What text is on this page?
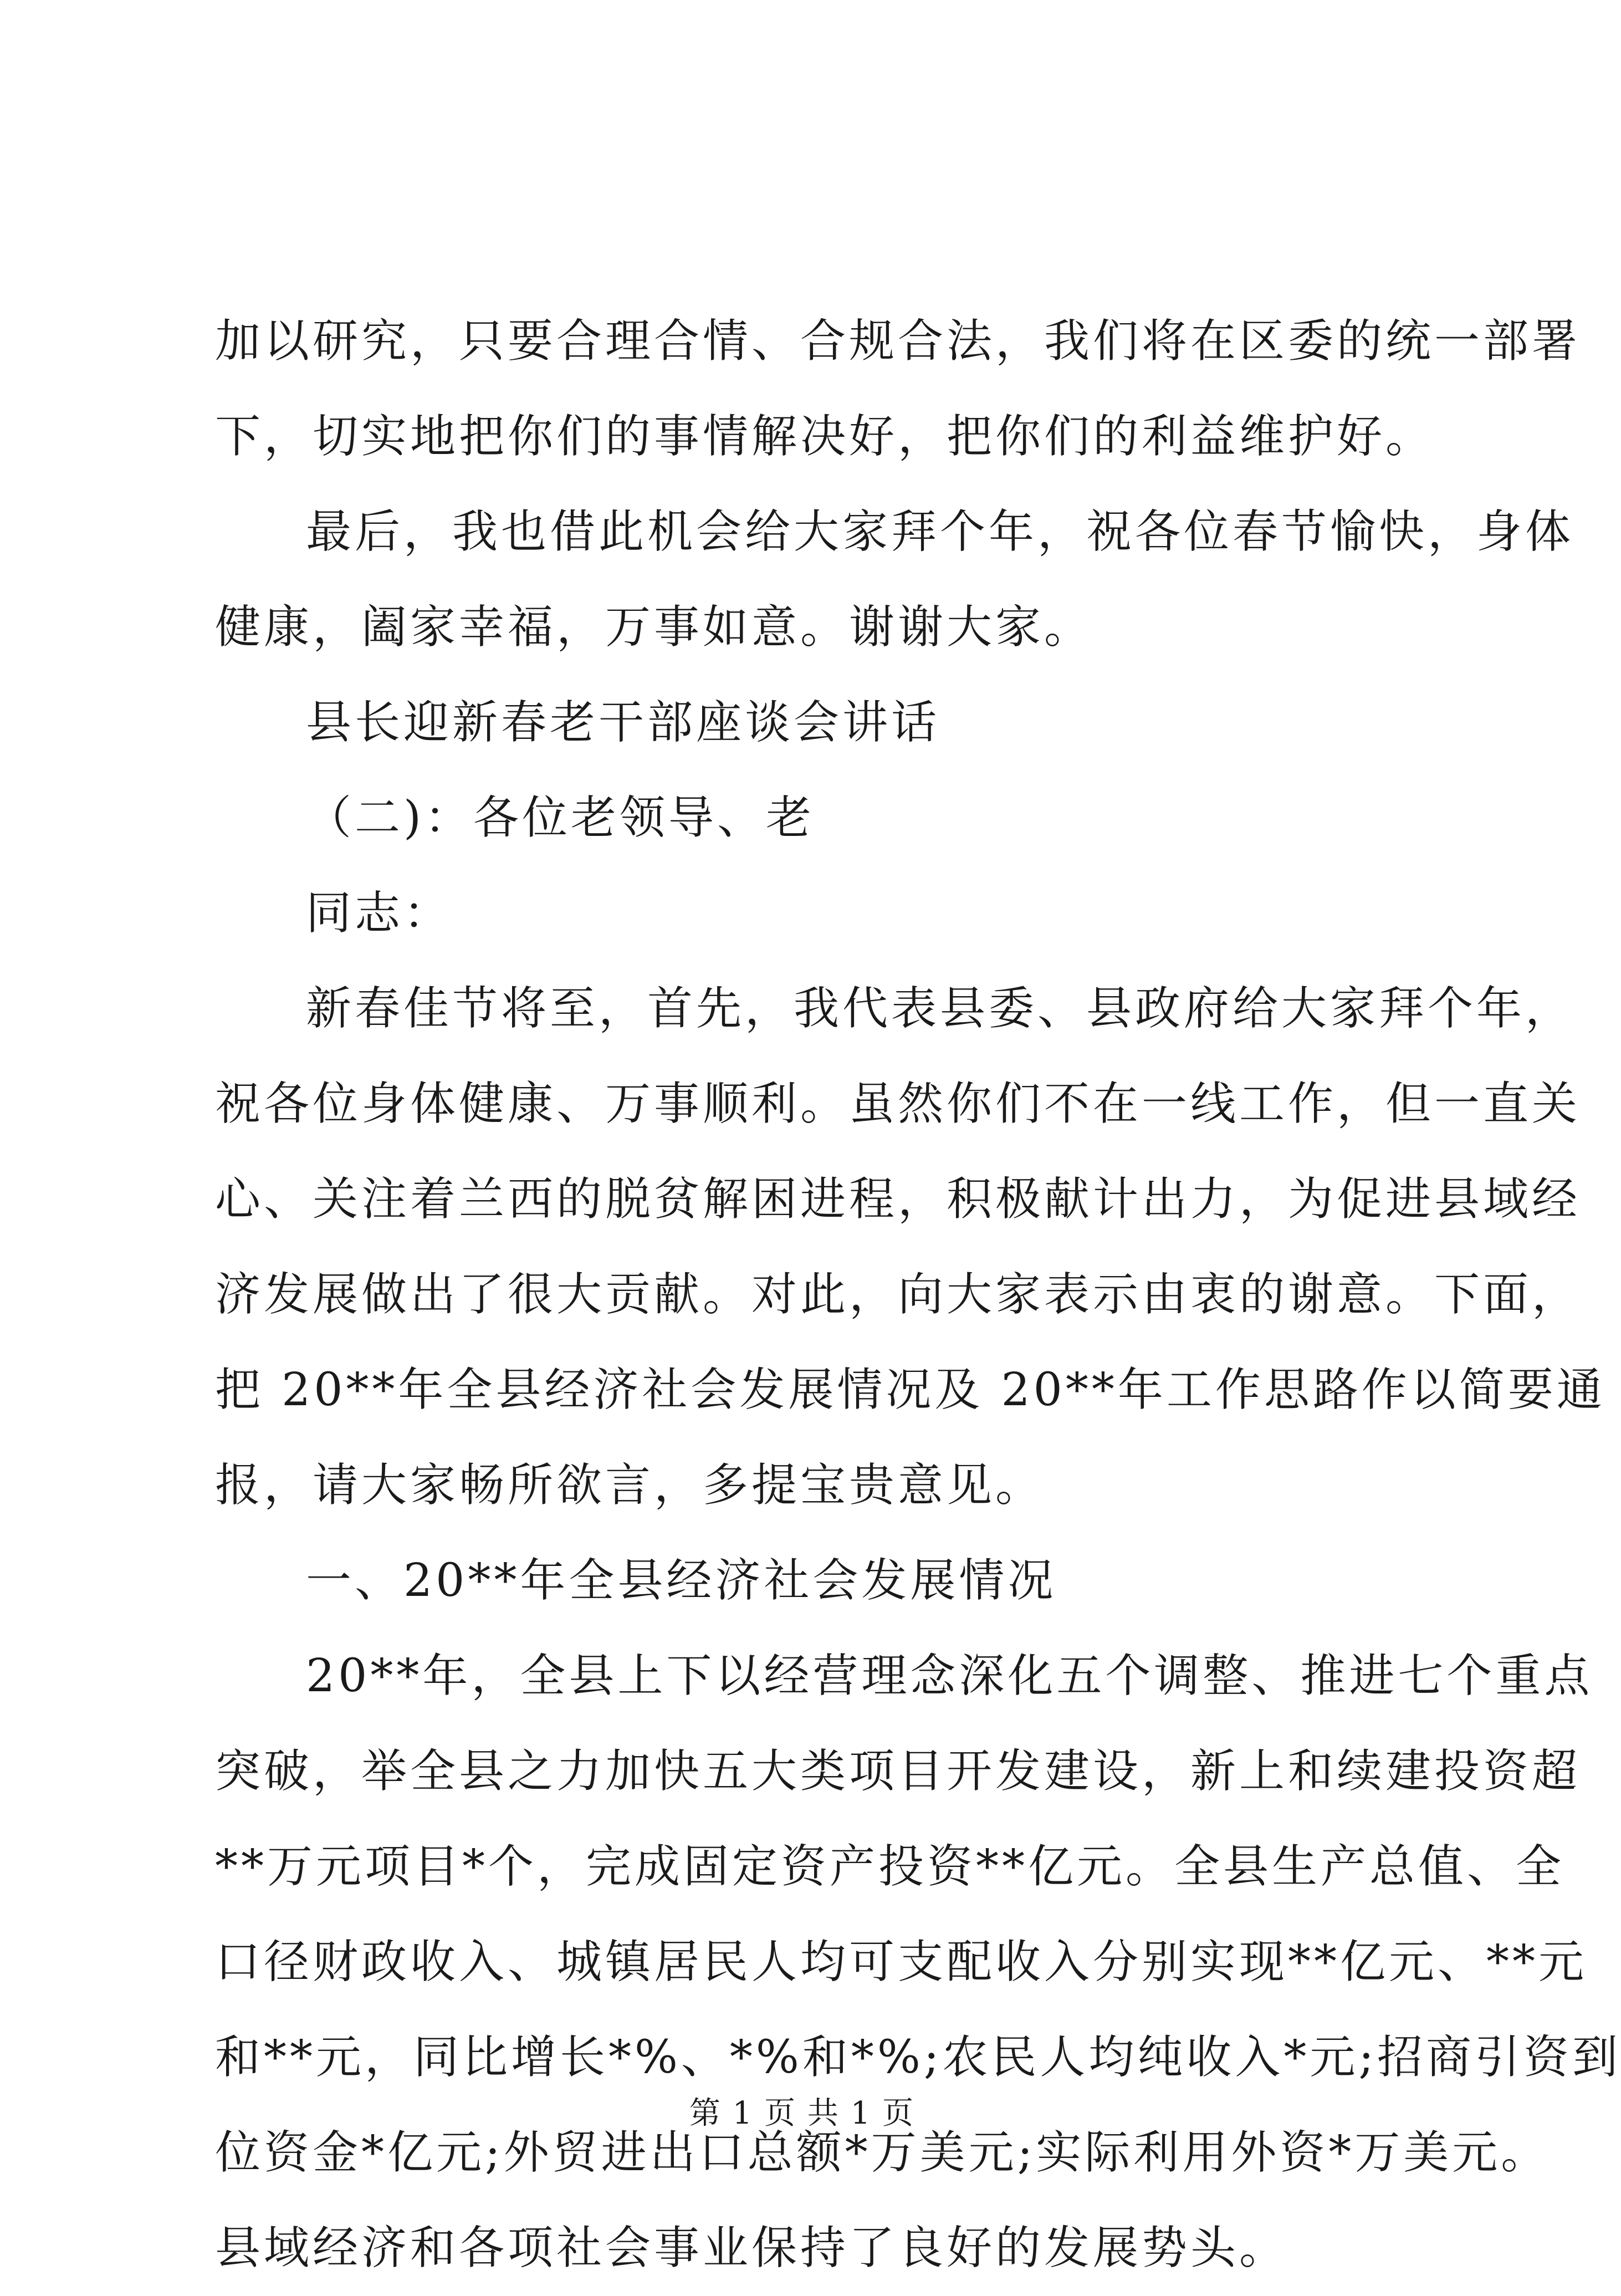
加以研究，只要合理合情、合规合法，我们将在区委的统一部署
下，切实地把你们的事情解决好，把你们的利益维护好。
最后，我也借此机会给大家拜个年，祝各位春节愉快，身体
健康，阖家幸福，万事如意。谢谢大家。
县长迎新春老干部座谈会讲话
（二)：各位老领导、老
同志：
新春佳节将至，首先，我代表县委、县政府给大家拜个年，
祝各位身体健康、万事顺利。虽然你们不在一线工作，但一直关
心、关注着兰西的脱贫解困进程，积极献计出力，为促进县域经
济发展做出了很大贡献。对此，向大家表示由衷的谢意。下面，
把 20**年全县经济社会发展情况及 20**年工作思路作以简要通
报，请大家畅所欲言，多提宝贵意见。
一、20**年全县经济社会发展情况
20**年，全县上下以经营理念深化五个调整、推进七个重点
突破，举全县之力加快五大类项目开发建设，新上和续建投资超
**万元项目*个，完成固定资产投资**亿元。全县生产总值、全
口径财政收入、城镇居民人均可支配收入分别实现**亿元、**元
和**元，同比增长*%、*%和*%;农民人均纯收入*元;招商引资到
位资金*亿元;外贸进出口总额*万美元;实际利用外资*万美元。
县域经济和各项社会事业保持了良好的发展势头。
第 1 页 共 1 页
